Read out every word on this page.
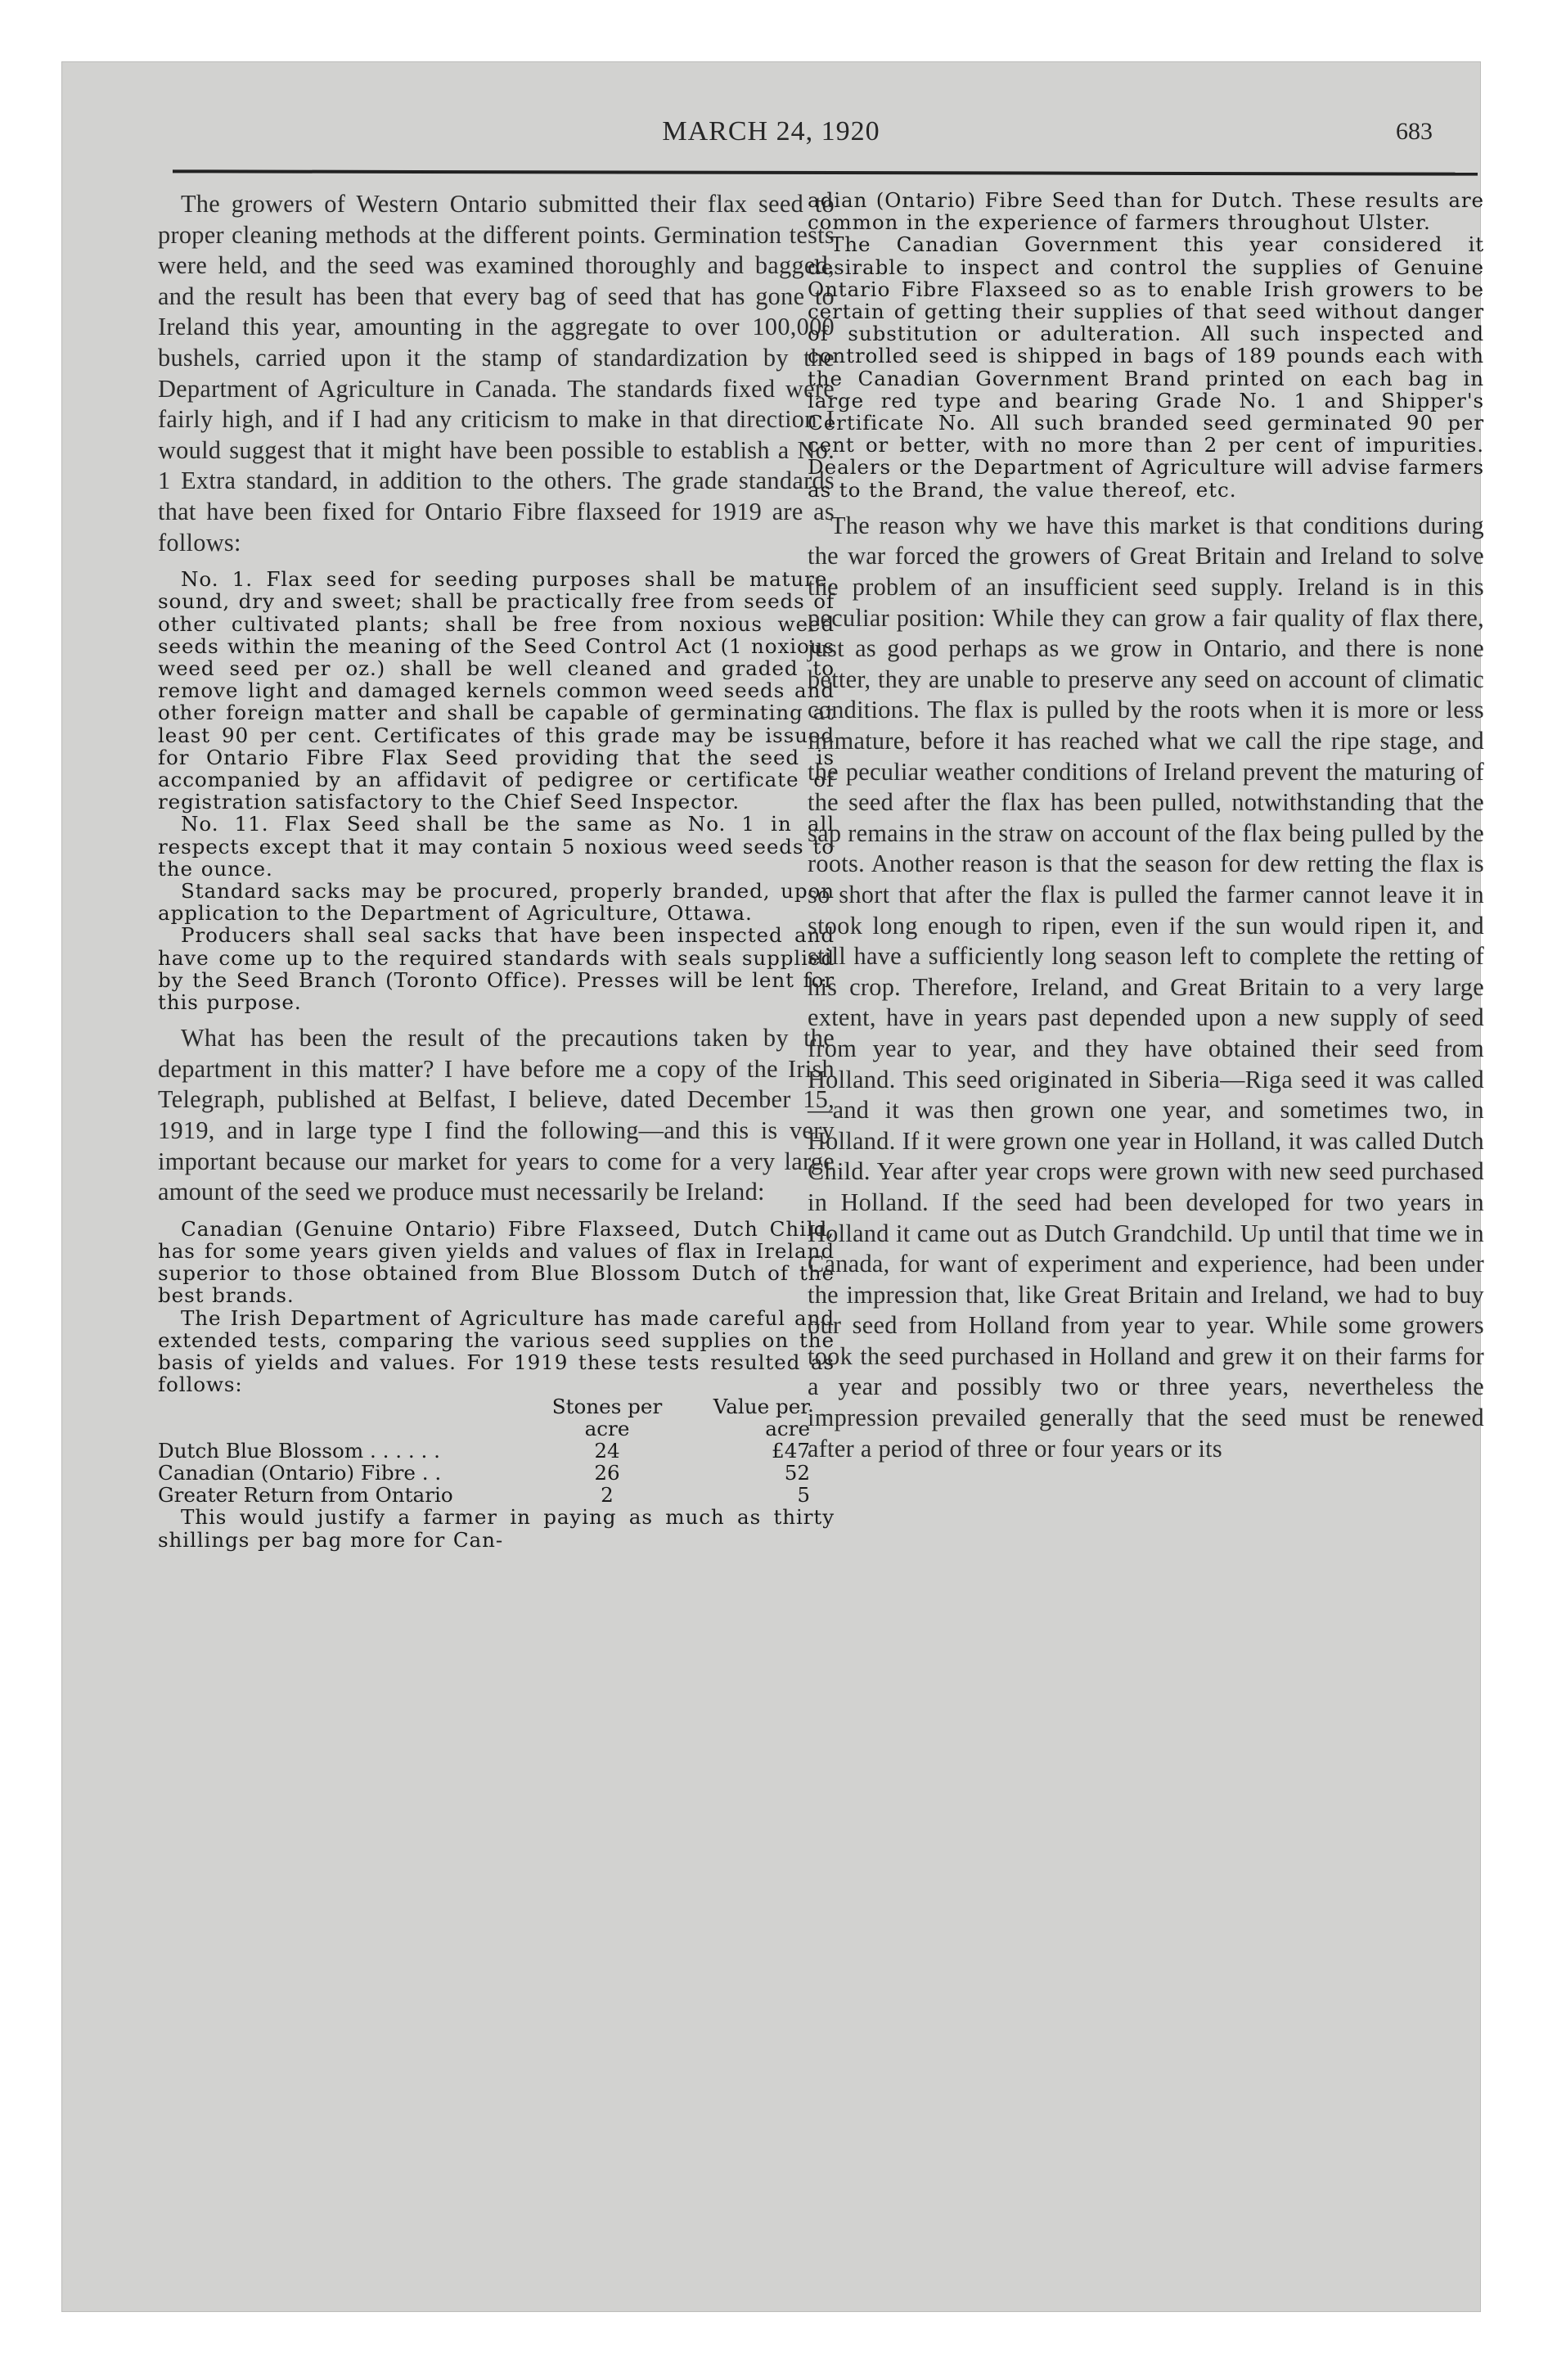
MARCH 24, 1920	683

The growers of Western Ontario submitted their flax seed to proper cleaning methods at the different points. Germination tests were held, and the seed was examined thoroughly and bagged, and the result has been that every bag of seed that has gone to Ireland this year, amounting in the aggregate to over 100,000 bushels, carried upon it the stamp of standardization by the Department of Agriculture in Canada. The standards fixed were fairly high, and if I had any criticism to make in that direction I would suggest that it might have been possible to establish a No. 1 Extra standard, in addition to the others. The grade standards that have been fixed for Ontario Fibre flaxseed for 1919 are as follows:

No. 1. Flax seed for seeding purposes shall be mature, sound, dry and sweet; shall be practically free from seeds of other cultivated plants; shall be free from noxious weed seeds within the meaning of the Seed Control Act (1 noxious weed seed per oz.) shall be well cleaned and graded to remove light and damaged kernels common weed seeds and other foreign matter and shall be capable of germinating at least 90 per cent. Certificates of this grade may be issued for Ontario Fibre Flax Seed providing that the seed is accompanied by an affidavit of pedigree or certificate of registration satisfactory to the Chief Seed Inspector.

No. 11. Flax Seed shall be the same as No. 1 in all respects except that it may contain 5 noxious weed seeds to the ounce.

Standard sacks may be procured, properly branded, upon application to the Department of Agriculture, Ottawa.

Producers shall seal sacks that have been inspected and have come up to the required standards with seals supplied by the Seed Branch (Toronto Office). Presses will be lent for this purpose.

What has been the result of the precautions taken by the department in this matter? I have before me a copy of the Irish Telegraph, published at Belfast, I believe, dated December 15, 1919, and in large type I find the following—and this is very important because our market for years to come for a very large amount of the seed we produce must necessarily be Ireland:

Canadian (Genuine Ontario) Fibre Flaxseed, Dutch Child, has for some years given yields and values of flax in Ireland superior to those obtained from Blue Blossom Dutch of the best brands.

The Irish Department of Agriculture has made careful and extended tests, comparing the various seed supplies on the basis of yields and values. For 1919 these tests resulted as follows:

	Stones per acre	Value per acre
Dutch Blue Blossom . . . . . .	24	£47
Canadian (Ontario) Fibre . .	26	52
Greater Return from Ontario	2	5

This would justify a farmer in paying as much as thirty shillings per bag more for Can-

adian (Ontario) Fibre Seed than for Dutch. These results are common in the experience of farmers throughout Ulster.

The Canadian Government this year considered it desirable to inspect and control the supplies of Genuine Ontario Fibre Flaxseed so as to enable Irish growers to be certain of getting their supplies of that seed without danger of substitution or adulteration. All such inspected and controlled seed is shipped in bags of 189 pounds each with the Canadian Government Brand printed on each bag in large red type and bearing Grade No. 1 and Shipper's Certificate No. All such branded seed germinated 90 per cent or better, with no more than 2 per cent of impurities. Dealers or the Department of Agriculture will advise farmers as to the Brand, the value thereof, etc.

The reason why we have this market is that conditions during the war forced the growers of Great Britain and Ireland to solve the problem of an insufficient seed supply. Ireland is in this peculiar position: While they can grow a fair quality of flax there, just as good perhaps as we grow in Ontario, and there is none better, they are unable to preserve any seed on account of climatic conditions. The flax is pulled by the roots when it is more or less immature, before it has reached what we call the ripe stage, and the peculiar weather conditions of Ireland prevent the maturing of the seed after the flax has been pulled, notwithstanding that the sap remains in the straw on account of the flax being pulled by the roots. Another reason is that the season for dew retting the flax is so short that after the flax is pulled the farmer cannot leave it in stook long enough to ripen, even if the sun would ripen it, and still have a sufficiently long season left to complete the retting of his crop. Therefore, Ireland, and Great Britain to a very large extent, have in years past depended upon a new supply of seed from year to year, and they have obtained their seed from Holland. This seed originated in Siberia—Riga seed it was called—and it was then grown one year, and sometimes two, in Holland. If it were grown one year in Holland, it was called Dutch Child. Year after year crops were grown with new seed purchased in Holland. If the seed had been developed for two years in Holland it came out as Dutch Grandchild. Up until that time we in Canada, for want of experiment and experience, had been under the impression that, like Great Britain and Ireland, we had to buy our seed from Holland from year to year. While some growers took the seed purchased in Holland and grew it on their farms for a year and possibly two or three years, nevertheless the impression prevailed generally that the seed must be renewed after a period of three or four years or its
